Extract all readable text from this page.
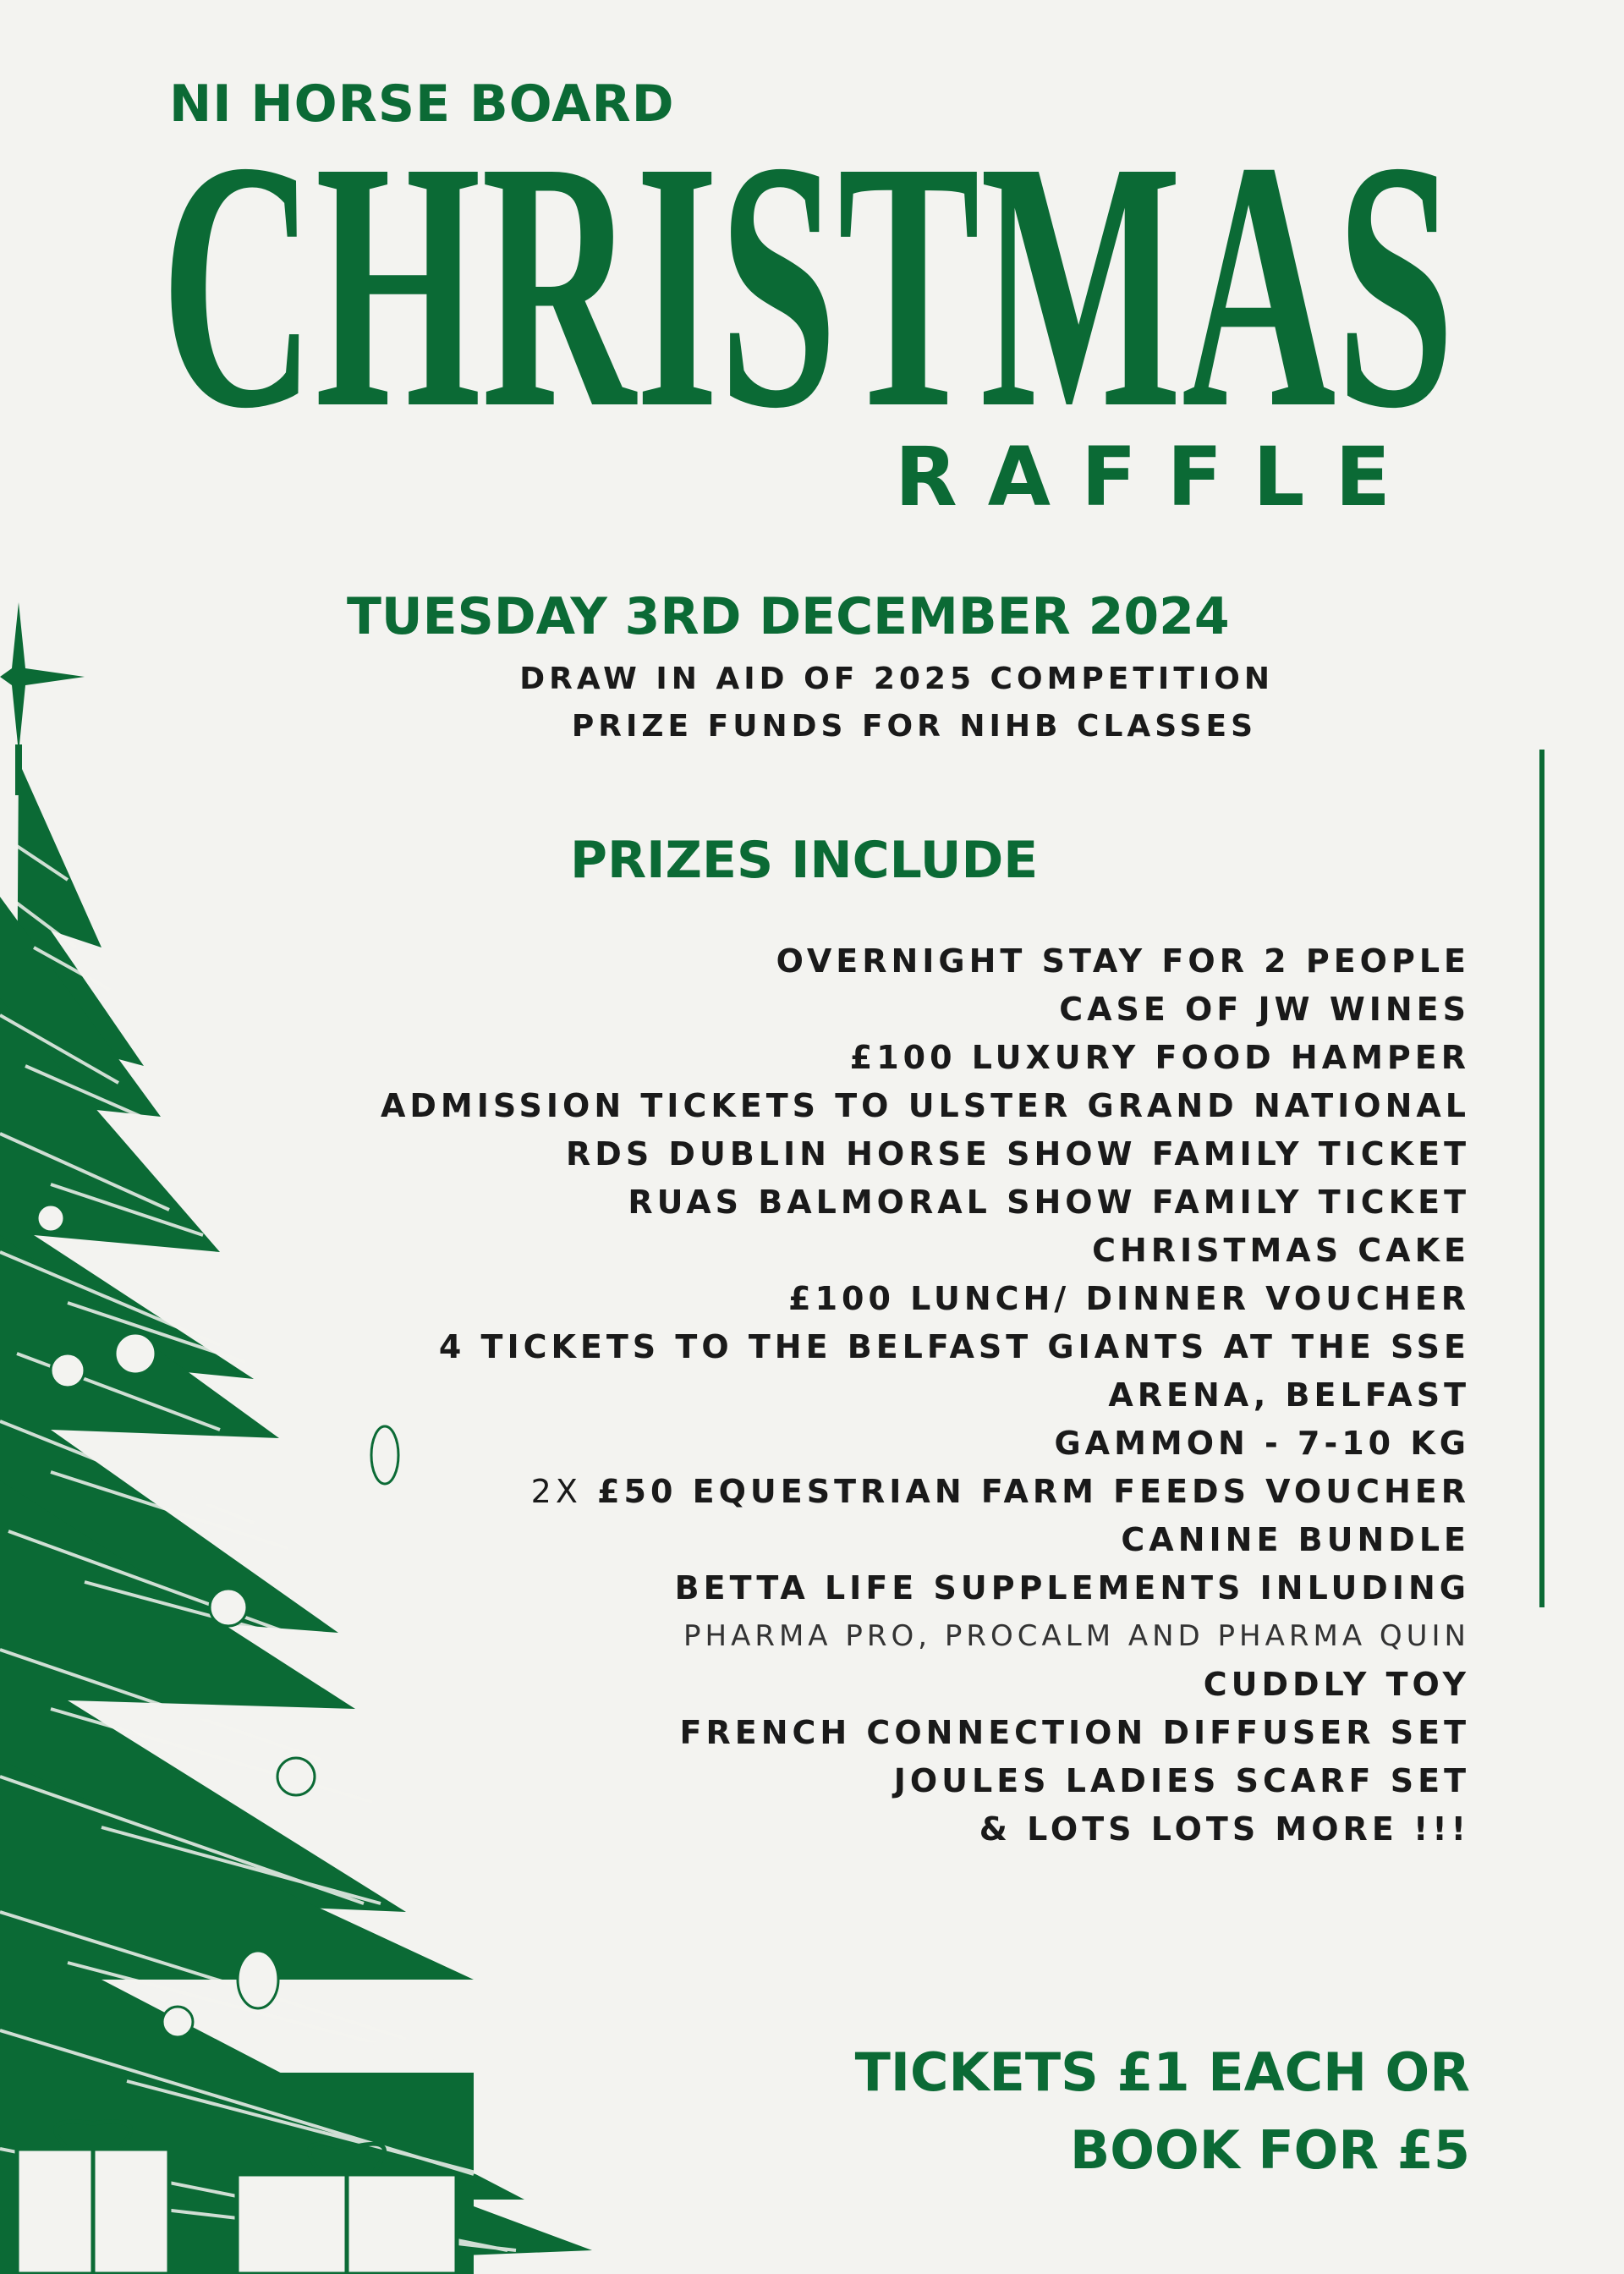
NI HORSE BOARD
CHRISTMAS
RAFFLE
TUESDAY 3RD DECEMBER 2024
DRAW IN AID OF 2025 COMPETITION
PRIZE FUNDS FOR NIHB CLASSES
PRIZES INCLUDE
OVERNIGHT STAY FOR 2 PEOPLE
CASE OF JW WINES
£100 LUXURY FOOD HAMPER
ADMISSION TICKETS TO ULSTER GRAND NATIONAL
RDS DUBLIN HORSE SHOW FAMILY TICKET
RUAS BALMORAL SHOW FAMILY TICKET
CHRISTMAS CAKE
£100 LUNCH/ DINNER VOUCHER
4 TICKETS TO THE BELFAST GIANTS AT THE SSE
ARENA, BELFAST
GAMMON - 7-10 KG
2X £50 EQUESTRIAN FARM FEEDS VOUCHER
CANINE BUNDLE
BETTA LIFE SUPPLEMENTS INLUDING
PHARMA PRO, PROCALM AND PHARMA QUIN
CUDDLY TOY
FRENCH CONNECTION DIFFUSER SET
JOULES LADIES SCARF SET
& LOTS LOTS MORE !!!
TICKETS £1 EACH OR
BOOK FOR £5
